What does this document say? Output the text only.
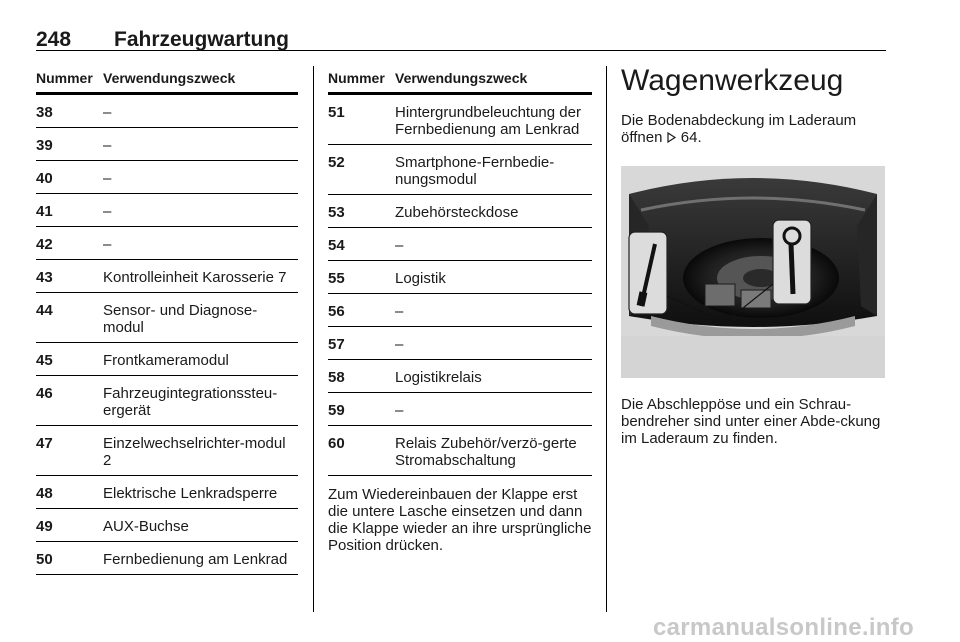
248 Fahrzeugwartung
Nummer Verwendungszweck
38	–
39	–
40	–
41	–
42	–
43	Kontrolleinheit Karosserie 7
44	Sensor- und Diagnose-modul
45	Frontkameramodul
46	Fahrzeugintegrationssteu-ergerät
47	Einzelwechselrichter-modul 2
48	Elektrische Lenkradsperre
49	AUX-Buchse
50	Fernbedienung am Lenkrad
Nummer Verwendungszweck
51	Hintergrundbeleuchtung der Fernbedienung am Lenkrad
52	Smartphone-Fernbedie-nungsmodul
53	Zubehörsteckdose
54	–
55	Logistik
56	–
57	–
58	Logistikrelais
59	–
60	Relais Zubehör/verzö-gerte Stromabschaltung
Zum Wiedereinbauen der Klappe erst die untere Lasche einsetzen und dann die Klappe wieder an ihre ursprüngliche Position drücken.
Wagenwerkzeug
Die Bodenabdeckung im Laderaum öffnen 64.
Die Abschleppöse und ein Schrau-bendreher sind unter einer Abde-ckung im Laderaum zu finden.
carmanualsonline.info
